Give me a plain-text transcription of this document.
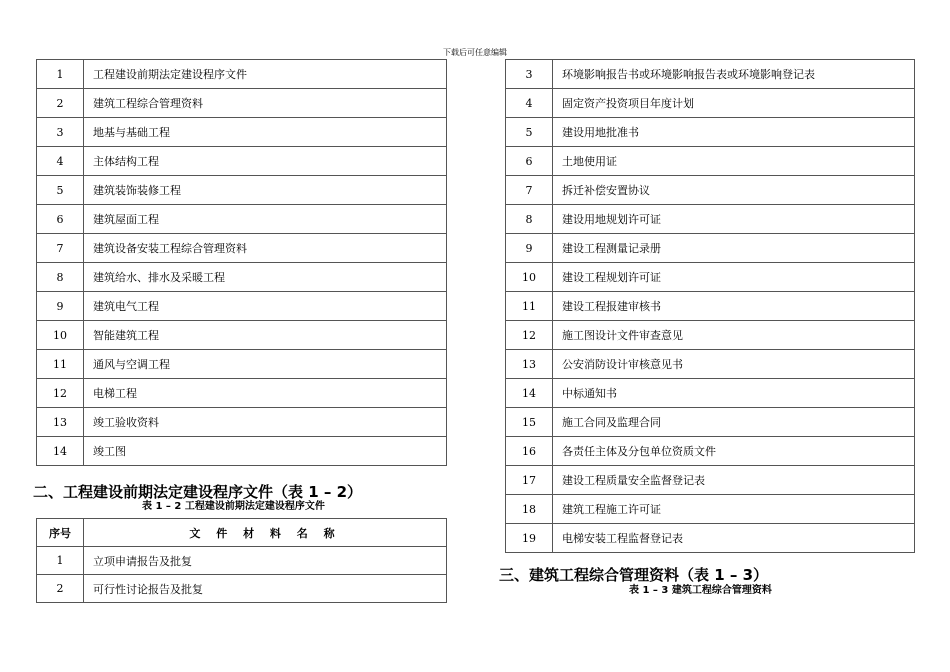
下载后可任意编辑
1	工程建设前期法定建设程序文件
2	建筑工程综合管理资料
3	地基与基础工程
4	主体结构工程
5	建筑装饰装修工程
6	建筑屋面工程
7	建筑设备安装工程综合管理资料
8	建筑给水、排水及采暖工程
9	建筑电气工程
10	智能建筑工程
11	通风与空调工程
12	电梯工程
13	竣工验收资料
14	竣工图
二、工程建设前期法定建设程序文件（表 1 – 2）
表 1 – 2 工程建设前期法定建设程序文件
序号	文 件 材 料 名 称
1	立项申请报告及批复
2	可行性讨论报告及批复
3	环境影响报告书或环境影响报告表或环境影响登记表
4	固定资产投资项目年度计划
5	建设用地批准书
6	土地使用证
7	拆迁补偿安置协议
8	建设用地规划许可证
9	建设工程测量记录册
10	建设工程规划许可证
11	建设工程报建审核书
12	施工图设计文件审查意见
13	公安消防设计审核意见书
14	中标通知书
15	施工合同及监理合同
16	各责任主体及分包单位资质文件
17	建设工程质量安全监督登记表
18	建筑工程施工许可证
19	电梯安装工程监督登记表
三、建筑工程综合管理资料（表 1 – 3）
表 1 – 3 建筑工程综合管理资料
